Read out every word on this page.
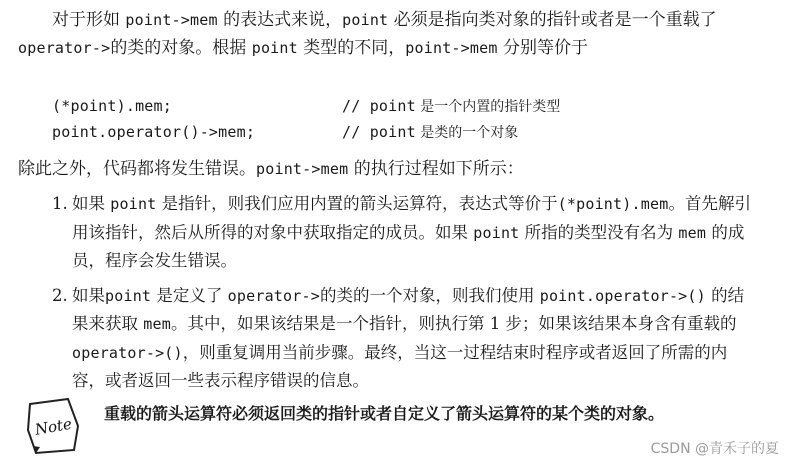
对于形如 point->mem 的表达式来说，point 必须是指向类对象的指针或者是一个重载了 operator->的类的对象。根据 point 类型的不同，point->mem 分别等价于

(*point).mem;	// point 是一个内置的指针类型
point.operator()->mem;	// point 是类的一个对象

除此之外，代码都将发生错误。point->mem 的执行过程如下所示：

1. 如果 point 是指针，则我们应用内置的箭头运算符，表达式等价于(*point).mem。首先解引用该指针，然后从所得的对象中获取指定的成员。如果 point 所指的类型没有名为 mem 的成员，程序会发生错误。
2. 如果point 是定义了 operator->的类的一个对象，则我们使用 point.operator->() 的结果来获取 mem。其中，如果该结果是一个指针，则执行第 1 步；如果该结果本身含有重载的 operator->()，则重复调用当前步骤。最终，当这一过程结束时程序或者返回了所需的内容，或者返回一些表示程序错误的信息。
Note
重载的箭头运算符必须返回类的指针或者自定义了箭头运算符的某个类的对象。
CSDN @青禾子的夏
